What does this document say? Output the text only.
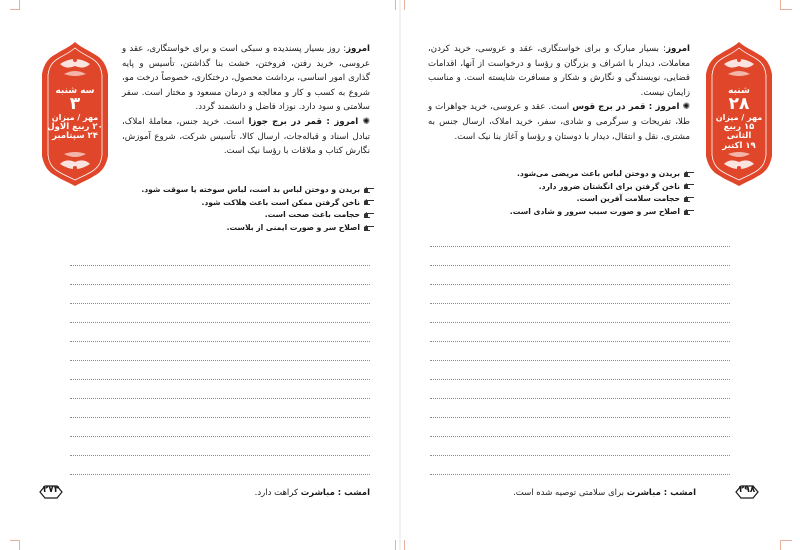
سه شنبه
۳
مهر / میزان
۲۰ ربیع الاول
۲۴ سپتامبر

امروز: روز بسیار پسندیده و سبکی است و برای خواستگاری، عقد و عروسی، خرید رفتن، فروختن، خشت بنا گذاشتن، تأسیس و پایه گذاری امور اساسی، برداشت محصول، درختکاری، خصوصاً درخت مو، شروع به کسب و کار و معالجه و درمان مسعود و مختار است. سفر سلامتی و سود دارد. نوزاد فاضل و دانشمند گردد.

✺ امروز : قمر در برج جوزا است. خرید جنس، معاملهٔ املاک، تبادل اسناد و قباله‌جات، ارسال کالا، تأسیس شرکت، شروع آموزش، نگارش کتاب و ملاقات با رؤسا نیک است.

بریدن و دوختن لباس بد است، لباس سوخته یا سوقت شود.
ناخن گرفتن ممکن است باعث هلاکت شود.
حجامت باعث صحت است.
اصلاح سر و صورت ایمنی از بلاست.
امشب : مباشرت کراهت دارد.
۲۷۳
شنبه
۲۸
مهر / میزان
۱۵ ربیع الثانی
۱۹ اکتبر

امروز: بسیار مبارک و برای خواستگاری، عقد و عروسی، خرید کردن، معاملات، دیدار با اشراف و بزرگان و رؤسا و درخواست از آنها، اقدامات قضایی، نویسندگی و نگارش و شکار و مسافرت شایسته است. و مناسب زایمان نیست.

✺ امروز : قمر در برج قوس است. عقد و عروسی، خرید جواهرات و طلا، تفریحات و سرگرمی و شادی، سفر، خرید املاک، ارسال جنس به مشتری، نقل و انتقال، دیدار با دوستان و رؤسا و آغاز بنا نیک است.

بریدن و دوختن لباس باعث مریضی می‌شود.
ناخن گرفتن برای انگشتان ضرور دارد.
حجامت سلامت آفرین است.
اصلاح سر و صورت سبب سرور و شادی است.
امشب : مباشرت برای سلامتی توصیه شده است.	۲۹۸
